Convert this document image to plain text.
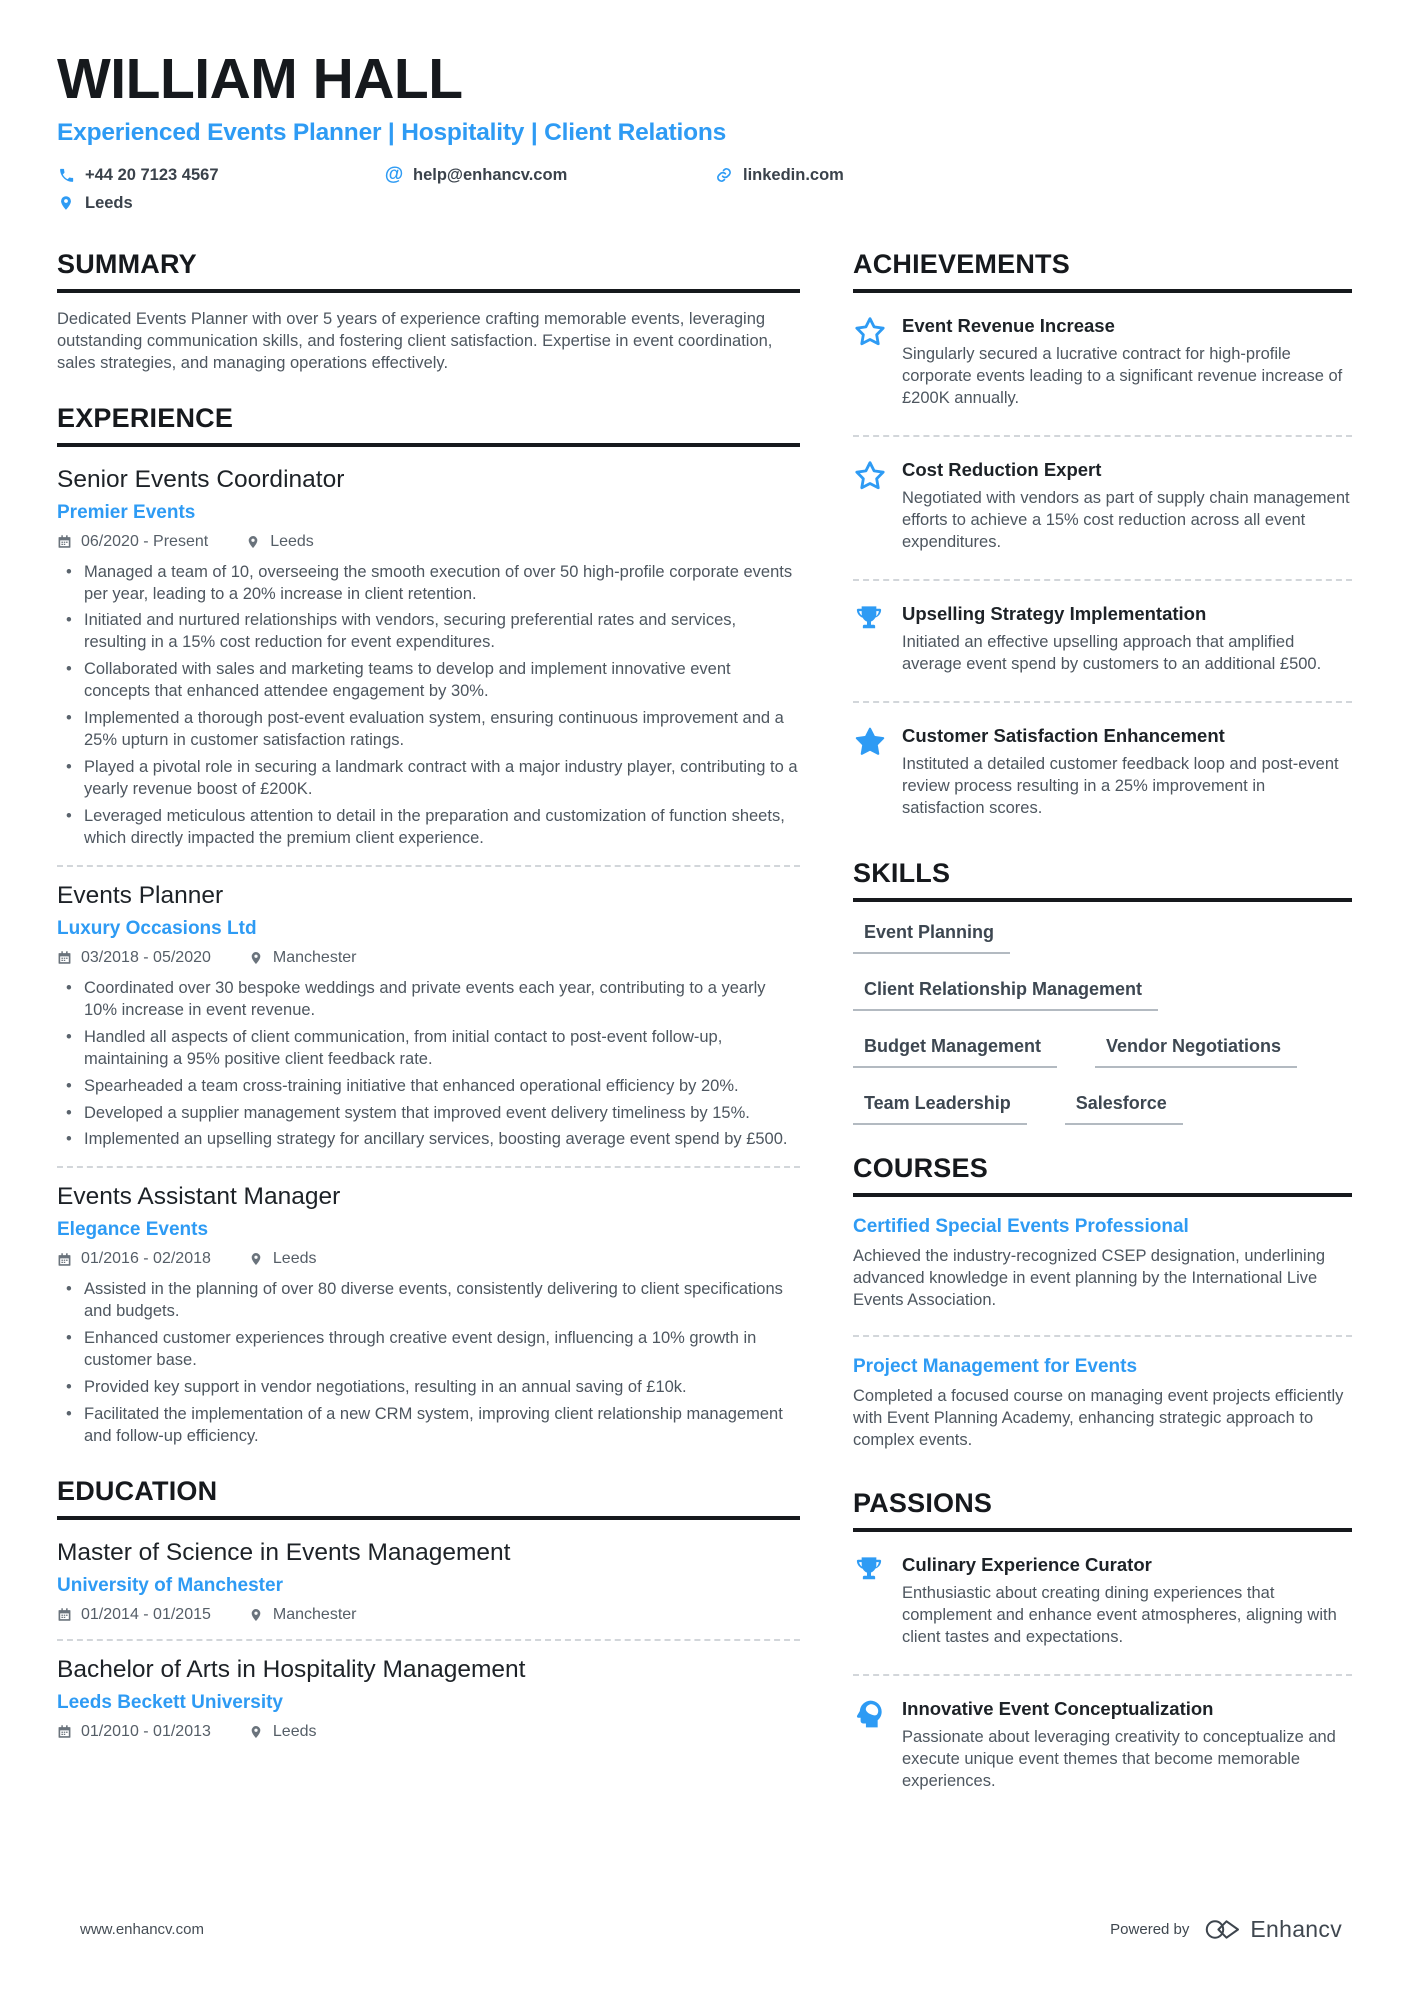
WILLIAM HALL
Experienced Events Planner | Hospitality | Client Relations
+44 20 7123 4567	@ help@enhancv.com	linkedin.com
Leeds
SUMMARY
Dedicated Events Planner with over 5 years of experience crafting memorable events, leveraging outstanding communication skills, and fostering client satisfaction. Expertise in event coordination, sales strategies, and managing operations effectively.
EXPERIENCE
Senior Events Coordinator
Premier Events
06/2020 - Present	Leeds
• Managed a team of 10, overseeing the smooth execution of over 50 high-profile corporate events per year, leading to a 20% increase in client retention.
• Initiated and nurtured relationships with vendors, securing preferential rates and services, resulting in a 15% cost reduction for event expenditures.
• Collaborated with sales and marketing teams to develop and implement innovative event concepts that enhanced attendee engagement by 30%.
• Implemented a thorough post-event evaluation system, ensuring continuous improvement and a 25% upturn in customer satisfaction ratings.
• Played a pivotal role in securing a landmark contract with a major industry player, contributing to a yearly revenue boost of £200K.
• Leveraged meticulous attention to detail in the preparation and customization of function sheets, which directly impacted the premium client experience.
Events Planner
Luxury Occasions Ltd
03/2018 - 05/2020	Manchester
• Coordinated over 30 bespoke weddings and private events each year, contributing to a yearly 10% increase in event revenue.
• Handled all aspects of client communication, from initial contact to post-event follow-up, maintaining a 95% positive client feedback rate.
• Spearheaded a team cross-training initiative that enhanced operational efficiency by 20%.
• Developed a supplier management system that improved event delivery timeliness by 15%.
• Implemented an upselling strategy for ancillary services, boosting average event spend by £500.
Events Assistant Manager
Elegance Events
01/2016 - 02/2018	Leeds
• Assisted in the planning of over 80 diverse events, consistently delivering to client specifications and budgets.
• Enhanced customer experiences through creative event design, influencing a 10% growth in customer base.
• Provided key support in vendor negotiations, resulting in an annual saving of £10k.
• Facilitated the implementation of a new CRM system, improving client relationship management and follow-up efficiency.
EDUCATION
Master of Science in Events Management
University of Manchester
01/2014 - 01/2015	Manchester
Bachelor of Arts in Hospitality Management
Leeds Beckett University
01/2010 - 01/2013	Leeds
ACHIEVEMENTS
Event Revenue Increase
Singularly secured a lucrative contract for high-profile corporate events leading to a significant revenue increase of £200K annually.
Cost Reduction Expert
Negotiated with vendors as part of supply chain management efforts to achieve a 15% cost reduction across all event expenditures.
Upselling Strategy Implementation
Initiated an effective upselling approach that amplified average event spend by customers to an additional £500.
Customer Satisfaction Enhancement
Instituted a detailed customer feedback loop and post-event review process resulting in a 25% improvement in satisfaction scores.
SKILLS
Event Planning
Client Relationship Management
Budget Management	Vendor Negotiations
Team Leadership	Salesforce
COURSES
Certified Special Events Professional
Achieved the industry-recognized CSEP designation, underlining advanced knowledge in event planning by the International Live Events Association.
Project Management for Events
Completed a focused course on managing event projects efficiently with Event Planning Academy, enhancing strategic approach to complex events.
PASSIONS
Culinary Experience Curator
Enthusiastic about creating dining experiences that complement and enhance event atmospheres, aligning with client tastes and expectations.
Innovative Event Conceptualization
Passionate about leveraging creativity to conceptualize and execute unique event themes that become memorable experiences.
www.enhancv.com	Powered by	Enhancv
